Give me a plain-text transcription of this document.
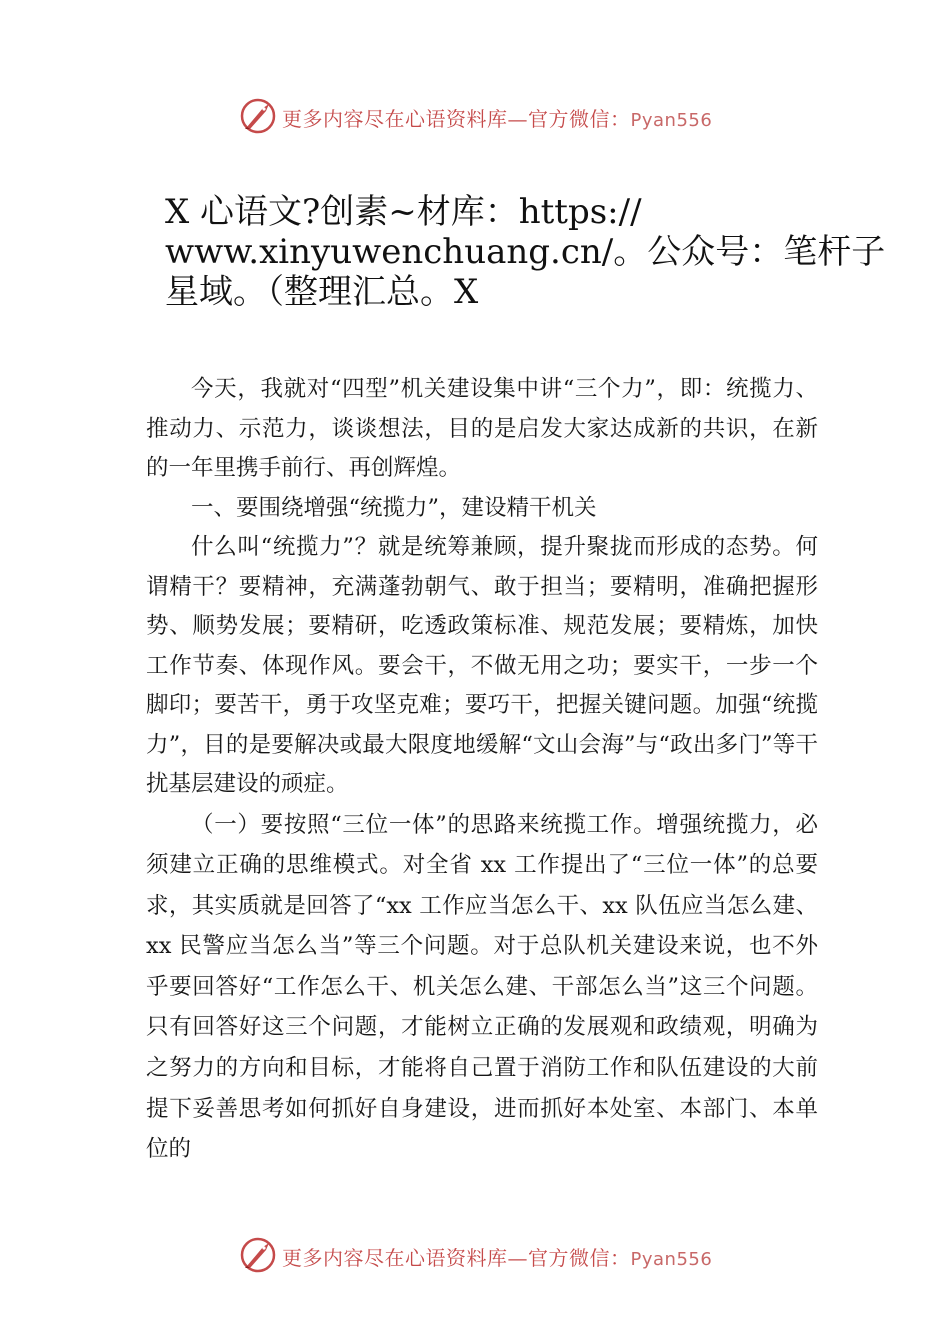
更多内容尽在心语资料库—官方微信：Pyan556
X 心语文?创素~材库：https://
www.xinyuwenchuang.cn/。公众号：笔杆子
星域。（整理汇总。X

今天，我就对“四型”机关建设集中讲“三个力”，即：统揽力、推动力、示范力，谈谈想法，目的是启发大家达成新的共识，在新的一年里携手前行、再创辉煌。

一、要围绕增强“统揽力”，建设精干机关

什么叫“统揽力”？就是统筹兼顾，提升聚拢而形成的态势。何谓精干？要精神，充满蓬勃朝气、敢于担当；要精明，准确把握形势、顺势发展；要精研，吃透政策标准、规范发展；要精炼，加快工作节奏、体现作风。要会干，不做无用之功；要实干，一步一个脚印；要苦干，勇于攻坚克难；要巧干，把握关键问题。加强“统揽力”，目的是要解决或最大限度地缓解“文山会海”与“政出多门”等干扰基层建设的顽症。

（一）要按照“三位一体”的思路来统揽工作。增强统揽力，必须建立正确的思维模式。对全省 xx 工作提出了“三位一体”的总要求，其实质就是回答了“xx 工作应当怎么干、xx 队伍应当怎么建、xx 民警应当怎么当”等三个问题。对于总队机关建设来说，也不外乎要回答好“工作怎么干、机关怎么建、干部怎么当”这三个问题。只有回答好这三个问题，才能树立正确的发展观和政绩观，明确为之努力的方向和目标，才能将自己置于消防工作和队伍建设的大前提下妥善思考如何抓好自身建设，进而抓好本处室、本部门、本单位的

更多内容尽在心语资料库—官方微信：Pyan556
